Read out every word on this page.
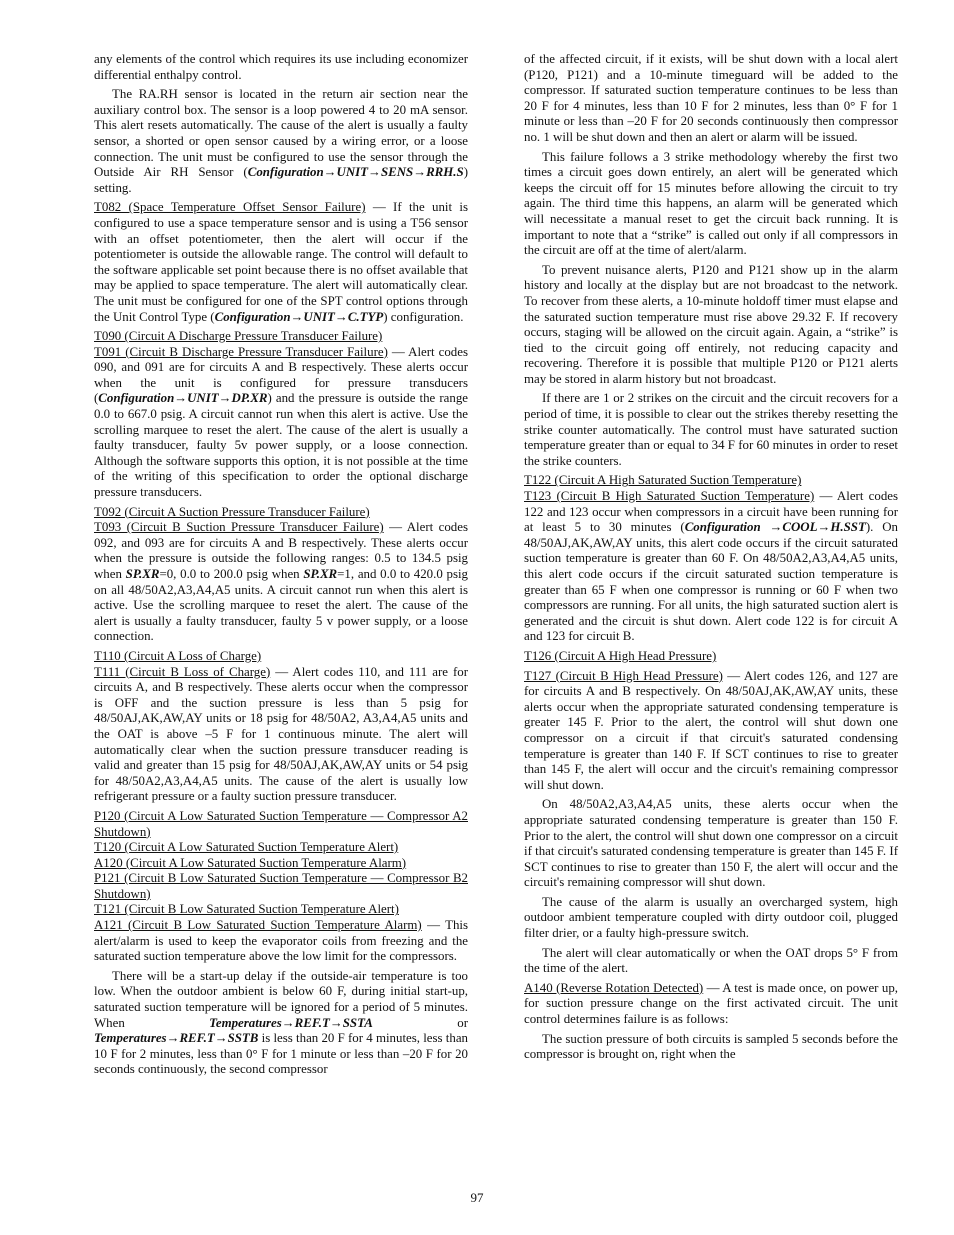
any elements of the control which requires its use including economizer differential enthalpy control.

The RA.RH sensor is located in the return air section near the auxiliary control box. The sensor is a loop powered 4 to 20 mA sensor. This alert resets automatically. The cause of the alert is usually a faulty sensor, a shorted or open sensor caused by a wiring error, or a loose connection. The unit must be configured to use the sensor through the Outside Air RH Sensor (Configuration→UNIT→SENS→RRH.S) setting.

T082 (Space Temperature Offset Sensor Failure) — If the unit is configured to use a space temperature sensor and is using a T56 sensor with an offset potentiometer, then the alert will occur if the potentiometer is outside the allowable range. The control will default to the software applicable set point because there is no offset available that may be applied to space temperature. The alert will automatically clear. The unit must be configured for one of the SPT control options through the Unit Control Type (Configuration→UNIT→C.TYP) configuration.

T090 (Circuit A Discharge Pressure Transducer Failure)
T091 (Circuit B Discharge Pressure Transducer Failure) — Alert codes 090, and 091 are for circuits A and B respectively. These alerts occur when the unit is configured for pressure transducers (Configuration→UNIT→DP.XR) and the pressure is outside the range 0.0 to 667.0 psig. A circuit cannot run when this alert is active. Use the scrolling marquee to reset the alert. The cause of the alert is usually a faulty transducer, faulty 5v power supply, or a loose connection. Although the software supports this option, it is not possible at the time of the writing of this specification to order the optional discharge pressure transducers.

T092 (Circuit A Suction Pressure Transducer Failure)
T093 (Circuit B Suction Pressure Transducer Failure) — Alert codes 092, and 093 are for circuits A and B respectively. These alerts occur when the pressure is outside the following ranges: 0.5 to 134.5 psig when SP.XR=0, 0.0 to 200.0 psig when SP.XR=1, and 0.0 to 420.0 psig on all 48/50A2,A3,A4,A5 units. A circuit cannot run when this alert is active. Use the scrolling marquee to reset the alert. The cause of the alert is usually a faulty transducer, faulty 5 v power supply, or a loose connection.

T110 (Circuit A Loss of Charge)
T111 (Circuit B Loss of Charge) — Alert codes 110, and 111 are for circuits A, and B respectively. These alerts occur when the compressor is OFF and the suction pressure is less than 5 psig for 48/50AJ,AK,AW,AY units or 18 psig for 48/50A2, A3,A4,A5 units and the OAT is above –5 F for 1 continuous minute. The alert will automatically clear when the suction pressure transducer reading is valid and greater than 15 psig for 48/50AJ,AK,AW,AY units or 54 psig for 48/50A2,A3,A4,A5 units. The cause of the alert is usually low refrigerant pressure or a faulty suction pressure transducer.

P120 (Circuit A Low Saturated Suction Temperature — Compressor A2 Shutdown)
T120 (Circuit A Low Saturated Suction Temperature Alert)
A120 (Circuit A Low Saturated Suction Temperature Alarm)
P121 (Circuit B Low Saturated Suction Temperature — Compressor B2 Shutdown)
T121 (Circuit B Low Saturated Suction Temperature Alert)
A121 (Circuit B Low Saturated Suction Temperature Alarm) — This alert/alarm is used to keep the evaporator coils from freezing and the saturated suction temperature above the low limit for the compressors.

There will be a start-up delay if the outside-air temperature is too low. When the outdoor ambient is below 60 F, during initial start-up, saturated suction temperature will be ignored for a period of 5 minutes. When Temperatures→REF.T→SSTA or Temperatures→REF.T→SSTB is less than 20 F for 4 minutes, less than 10 F for 2 minutes, less than 0° F for 1 minute or less than –20 F for 20 seconds continuously, the second compressor

of the affected circuit, if it exists, will be shut down with a local alert (P120, P121) and a 10-minute timeguard will be added to the compressor. If saturated suction temperature continues to be less than 20 F for 4 minutes, less than 10 F for 2 minutes, less than 0° F for 1 minute or less than –20 F for 20 seconds continuously then compressor no. 1 will be shut down and then an alert or alarm will be issued.

This failure follows a 3 strike methodology whereby the first two times a circuit goes down entirely, an alert will be generated which keeps the circuit off for 15 minutes before allowing the circuit to try again. The third time this happens, an alarm will be generated which will necessitate a manual reset to get the circuit back running. It is important to note that a “strike” is called out only if all compressors in the circuit are off at the time of alert/alarm.

To prevent nuisance alerts, P120 and P121 show up in the alarm history and locally at the display but are not broadcast to the network. To recover from these alerts, a 10-minute holdoff timer must elapse and the saturated suction temperature must rise above 29.32 F. If recovery occurs, staging will be allowed on the circuit again. Again, a “strike” is tied to the circuit going off entirely, not reducing capacity and recovering. Therefore it is possible that multiple P120 or P121 alerts may be stored in alarm history but not broadcast.

If there are 1 or 2 strikes on the circuit and the circuit recovers for a period of time, it is possible to clear out the strikes thereby resetting the strike counter automatically. The control must have saturated suction temperature greater than or equal to 34 F for 60 minutes in order to reset the strike counters.

T122 (Circuit A High Saturated Suction Temperature)
T123 (Circuit B High Saturated Suction Temperature) — Alert codes 122 and 123 occur when compressors in a circuit have been running for at least 5 to 30 minutes (Configuration →COOL→H.SST). On 48/50AJ,AK,AW,AY units, this alert code occurs if the circuit saturated suction temperature is greater than 60 F. On 48/50A2,A3,A4,A5 units, this alert code occurs if the circuit saturated suction temperature is greater than 65 F when one compressor is running or 60 F when two compressors are running. For all units, the high saturated suction alert is generated and the circuit is shut down. Alert code 122 is for circuit A and 123 for circuit B.

T126 (Circuit A High Head Pressure)

T127 (Circuit B High Head Pressure) — Alert codes 126, and 127 are for circuits A and B respectively. On 48/50AJ,AK,AW,AY units, these alerts occur when the appropriate saturated condensing temperature is greater 145 F. Prior to the alert, the control will shut down one compressor on a circuit if that circuit's saturated condensing temperature is greater than 140 F. If SCT continues to rise to greater than 145 F, the alert will occur and the circuit's remaining compressor will shut down.

On 48/50A2,A3,A4,A5 units, these alerts occur when the appropriate saturated condensing temperature is greater than 150 F. Prior to the alert, the control will shut down one compressor on a circuit if that circuit's saturated condensing temperature is greater than 145 F. If SCT continues to rise to greater than 150 F, the alert will occur and the circuit's remaining compressor will shut down.

The cause of the alarm is usually an overcharged system, high outdoor ambient temperature coupled with dirty outdoor coil, plugged filter drier, or a faulty high-pressure switch.

The alert will clear automatically or when the OAT drops 5° F from the time of the alert.

A140 (Reverse Rotation Detected) — A test is made once, on power up, for suction pressure change on the first activated circuit. The unit control determines failure is as follows:

The suction pressure of both circuits is sampled 5 seconds before the compressor is brought on, right when the

97
